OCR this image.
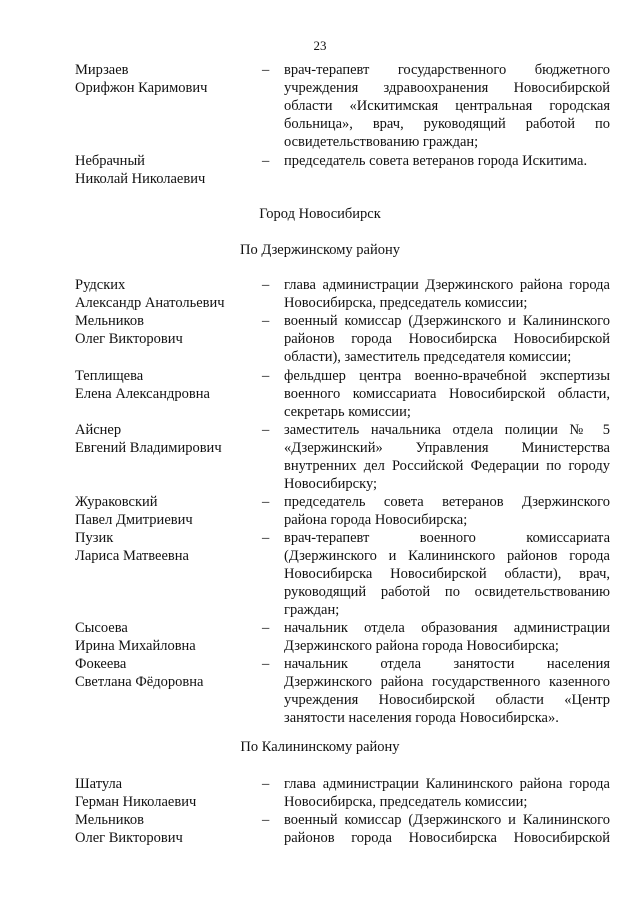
23
Город Новосибирск
По Дзержинскому району
По Калининскому району
Мирзаев	– врач-терапевт государственного бюджетного
Орифжон Каримович	учреждения здравоохранения Новосибирской
области «Искитимская центральная городская
больница», врач, руководящий работой по
освидетельствованию граждан;
Небрачный	– председатель совета ветеранов города Искитима.
Николай Николаевич
Рудских	– глава администрации Дзержинского района города
Александр Анатольевич	Новосибирска, председатель комиссии;
Мельников	– военный комиссар (Дзержинского и Калининского
Олег Викторович	районов города Новосибирска Новосибирской
области), заместитель председателя комиссии;
Теплищева	– фельдшер центра военно-врачебной экспертизы
Елена Александровна	военного комиссариата Новосибирской области,
секретарь комиссии;
Айснер	– заместитель начальника отдела полиции № 5
Евгений Владимирович	«Дзержинский» Управления Министерства
внутренних дел Российской Федерации по городу
Новосибирску;
Жураковский	– председатель совета ветеранов Дзержинского
Павел Дмитриевич	района города Новосибирска;
Пузик	– врач-терапевт военного комиссариата
Лариса Матвеевна	(Дзержинского и Калининского районов города
Новосибирска Новосибирской области), врач,
руководящий работой по освидетельствованию
граждан;
Сысоева	– начальник отдела образования администрации
Ирина Михайловна	Дзержинского района города Новосибирска;
Фокеева	– начальник отдела занятости населения
Светлана Фёдоровна	Дзержинского района государственного казенного
учреждения Новосибирской области «Центр
занятости населения города Новосибирска».
Шатула	– глава администрации Калининского района города
Герман Николаевич	Новосибирска, председатель комиссии;
Мельников	– военный комиссар (Дзержинского и Калининского
Олег Викторович	районов города Новосибирска Новосибирской
